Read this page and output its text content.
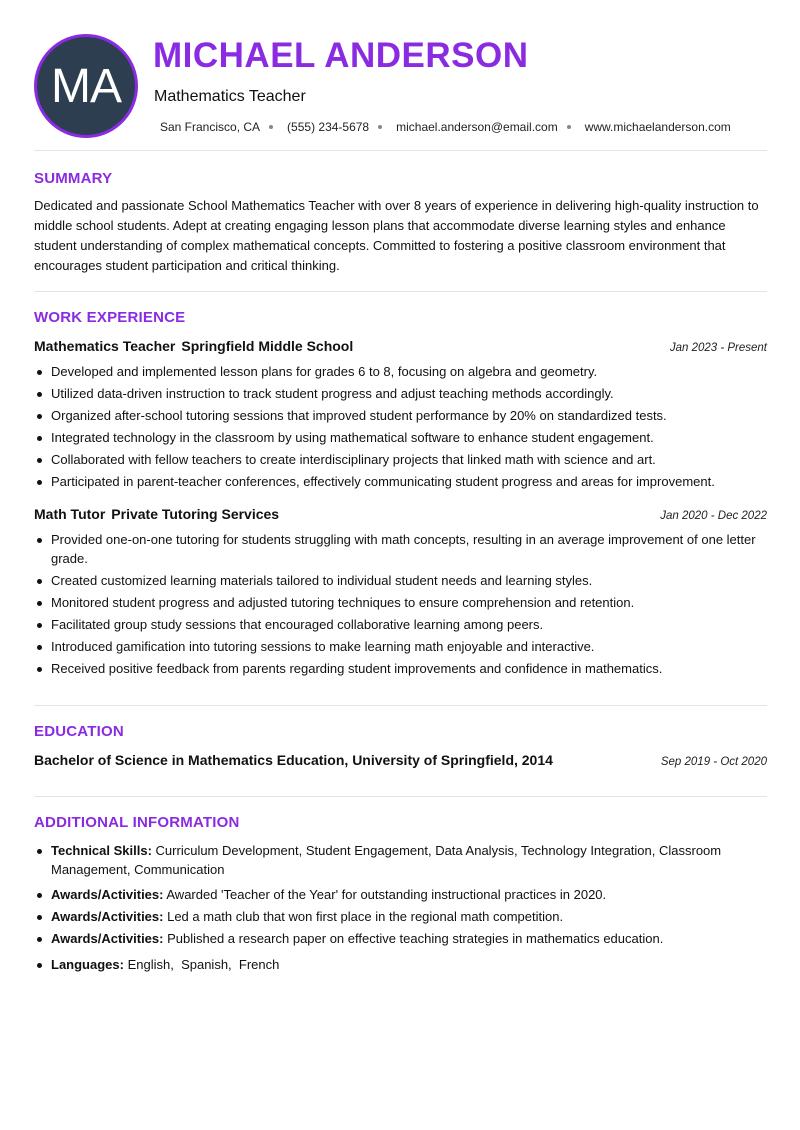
MA
MICHAEL ANDERSON
Mathematics Teacher
San Francisco, CA (555) 234-5678 michael.anderson@email.com www.michaelanderson.com
SUMMARY
Dedicated and passionate School Mathematics Teacher with over 8 years of experience in delivering high-quality instruction to middle school students. Adept at creating engaging lesson plans that accommodate diverse learning styles and enhance student understanding of complex mathematical concepts. Committed to fostering a positive classroom environment that encourages student participation and critical thinking.
WORK EXPERIENCE
Mathematics Teacher Springfield Middle School	Jan 2023 - Present
Developed and implemented lesson plans for grades 6 to 8, focusing on algebra and geometry.
Utilized data-driven instruction to track student progress and adjust teaching methods accordingly.
Organized after-school tutoring sessions that improved student performance by 20% on standardized tests.
Integrated technology in the classroom by using mathematical software to enhance student engagement.
Collaborated with fellow teachers to create interdisciplinary projects that linked math with science and art.
Participated in parent-teacher conferences, effectively communicating student progress and areas for improvement.
Math Tutor Private Tutoring Services	Jan 2020 - Dec 2022
Provided one-on-one tutoring for students struggling with math concepts, resulting in an average improvement of one letter grade.
Created customized learning materials tailored to individual student needs and learning styles.
Monitored student progress and adjusted tutoring techniques to ensure comprehension and retention.
Facilitated group study sessions that encouraged collaborative learning among peers.
Introduced gamification into tutoring sessions to make learning math enjoyable and interactive.
Received positive feedback from parents regarding student improvements and confidence in mathematics.
EDUCATION
Bachelor of Science in Mathematics Education, University of Springfield, 2014	Sep 2019 - Oct 2020
ADDITIONAL INFORMATION
Technical Skills: Curriculum Development, Student Engagement, Data Analysis, Technology Integration, Classroom Management, Communication
Awards/Activities: Awarded 'Teacher of the Year' for outstanding instructional practices in 2020.
Awards/Activities: Led a math club that won first place in the regional math competition.
Awards/Activities: Published a research paper on effective teaching strategies in mathematics education.
Languages: English,  Spanish,  French
